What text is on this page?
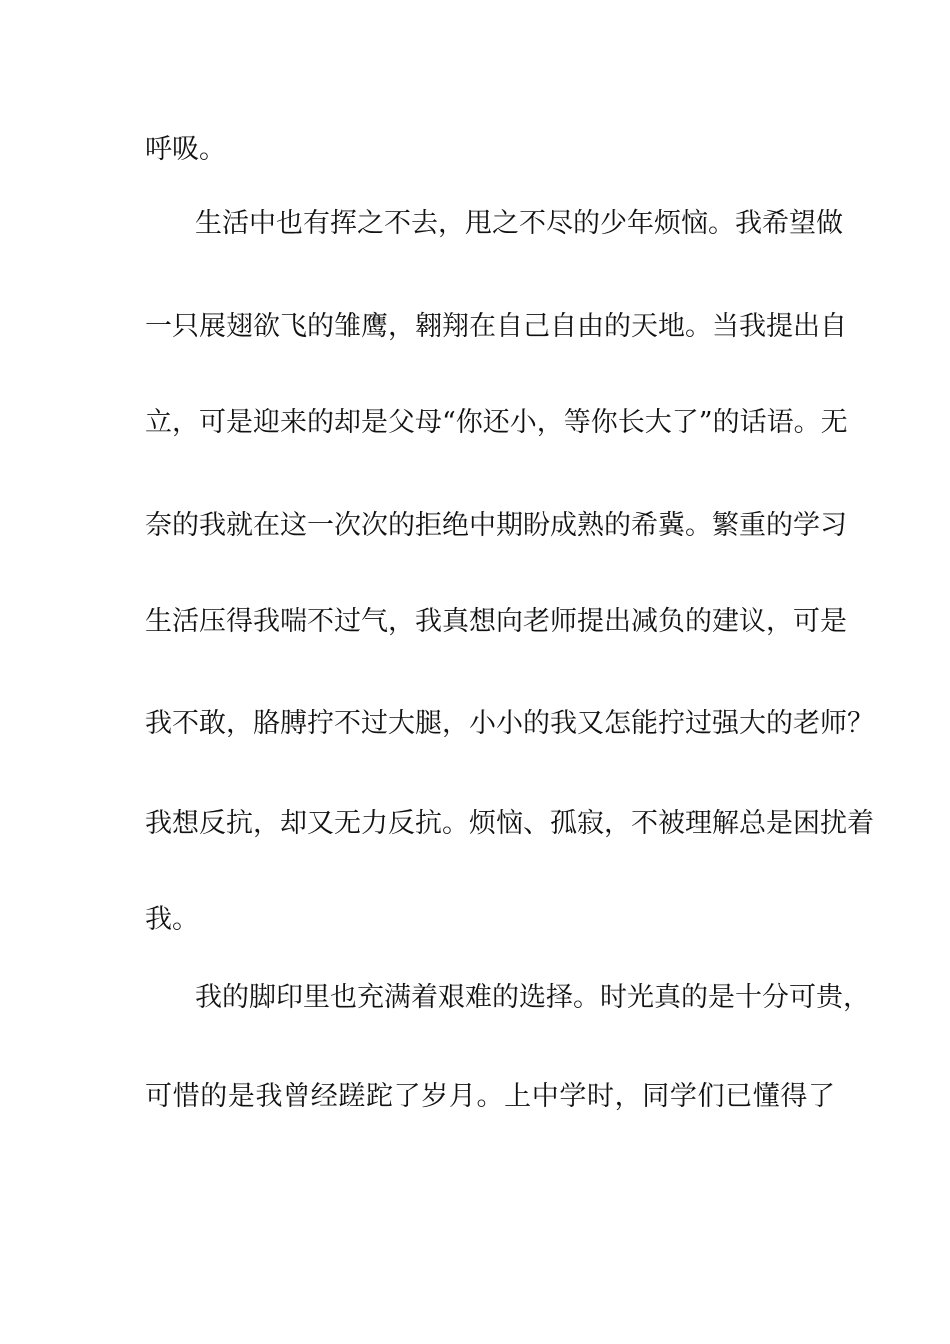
呼吸。
生活中也有挥之不去，甩之不尽的少年烦恼。我希望做
一只展翅欲飞的雏鹰，翱翔在自己自由的天地。当我提出自
立，可是迎来的却是父母“你还小，等你长大了”的话语。无
奈的我就在这一次次的拒绝中期盼成熟的希冀。繁重的学习
生活压得我喘不过气，我真想向老师提出减负的建议，可是
我不敢，胳膊拧不过大腿，小小的我又怎能拧过强大的老师？
我想反抗，却又无力反抗。烦恼、孤寂，不被理解总是困扰着
我。
我的脚印里也充满着艰难的选择。时光真的是十分可贵，
可惜的是我曾经蹉跎了岁月。上中学时，同学们已懂得了
